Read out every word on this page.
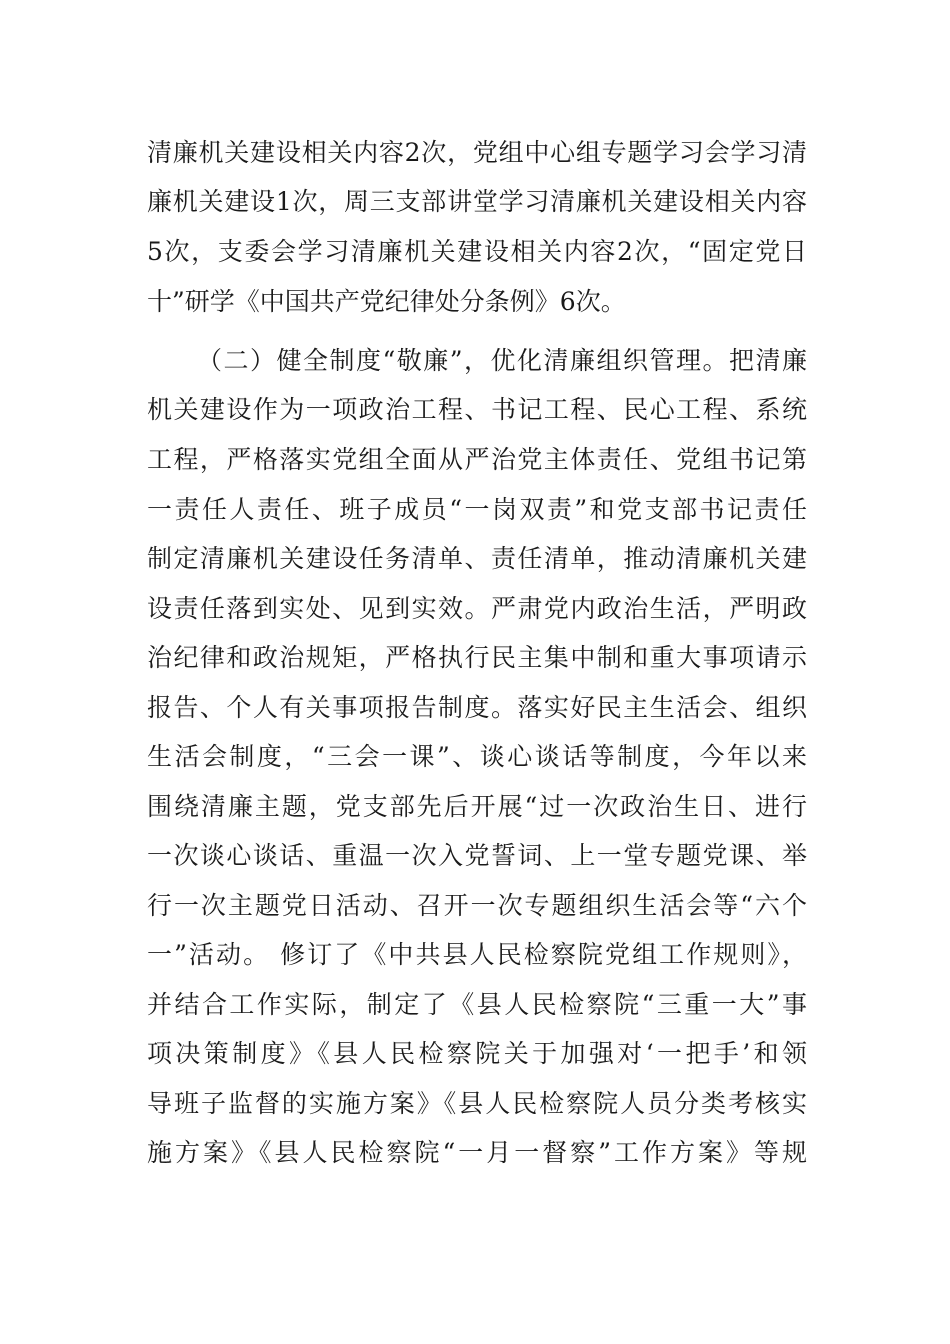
清廉机关建设相关内容2次，党组中心组专题学习会学习清
廉机关建设1次，周三支部讲堂学习清廉机关建设相关内容
5次，支委会学习清廉机关建设相关内容2次，“固定党日
十”研学《中国共产党纪律处分条例》6次。
（二）健全制度“敬廉”，优化清廉组织管理。把清廉
机关建设作为一项政治工程、书记工程、民心工程、系统
工程，严格落实党组全面从严治党主体责任、党组书记第
一责任人责任、班子成员“一岗双责”和党支部书记责任
制定清廉机关建设任务清单、责任清单，推动清廉机关建
设责任落到实处、见到实效。严肃党内政治生活，严明政
治纪律和政治规矩，严格执行民主集中制和重大事项请示
报告、个人有关事项报告制度。落实好民主生活会、组织
生活会制度，“三会一课”、谈心谈话等制度，今年以来
围绕清廉主题，党支部先后开展“过一次政治生日、进行
一次谈心谈话、重温一次入党誓词、上一堂专题党课、举
行一次主题党日活动、召开一次专题组织生活会等“六个
一”活动。 修订了《中共县人民检察院党组工作规则》，
并结合工作实际，制定了《县人民检察院“三重一大”事
项决策制度》《县人民检察院关于加强对‘一把手’和领
导班子监督的实施方案》《县人民检察院人员分类考核实
施方案》《县人民检察院“一月一督察”工作方案》等规
